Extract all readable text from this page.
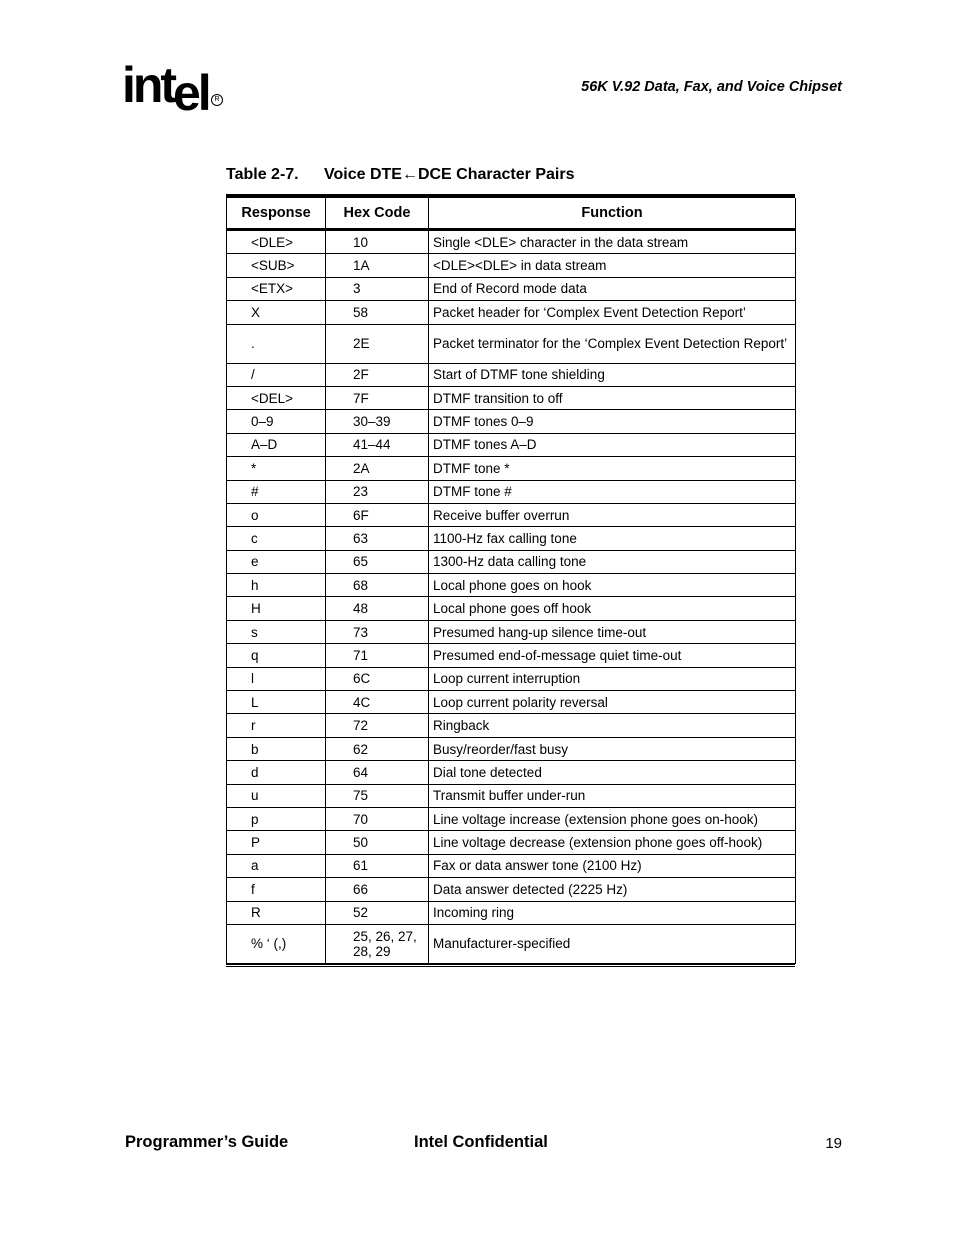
int
el R
56K V.92 Data, Fax, and Voice Chipset
Table 2-7. Voice DTE←DCE Character Pairs
Response	Hex Code	Function
<DLE>	10	Single <DLE> character in the data stream
<SUB>	1A	<DLE><DLE> in data stream
<ETX>	3	End of Record mode data
X	58	Packet header for ‘Complex Event Detection Report’
.	2E	Packet terminator for the ‘Complex Event Detection Report’
/	2F	Start of DTMF tone shielding
<DEL>	7F	DTMF transition to off
0–9	30–39	DTMF tones 0–9
A–D	41–44	DTMF tones A–D
*	2A	DTMF tone *
#	23	DTMF tone #
o	6F	Receive buffer overrun
c	63	1100-Hz fax calling tone
e	65	1300-Hz data calling tone
h	68	Local phone goes on hook
H	48	Local phone goes off hook
s	73	Presumed hang-up silence time-out
q	71	Presumed end-of-message quiet time-out
l	6C	Loop current interruption
L	4C	Loop current polarity reversal
r	72	Ringback
b	62	Busy/reorder/fast busy
d	64	Dial tone detected
u	75	Transmit buffer under-run
p	70	Line voltage increase (extension phone goes on-hook)
P	50	Line voltage decrease (extension phone goes off-hook)
a	61	Fax or data answer tone (2100 Hz)
f	66	Data answer detected (2225 Hz)
R	52	Incoming ring
% ‘ (,)	25, 26, 27, 28, 29	Manufacturer-specified
Programmer’s Guide	Intel Confidential	19
